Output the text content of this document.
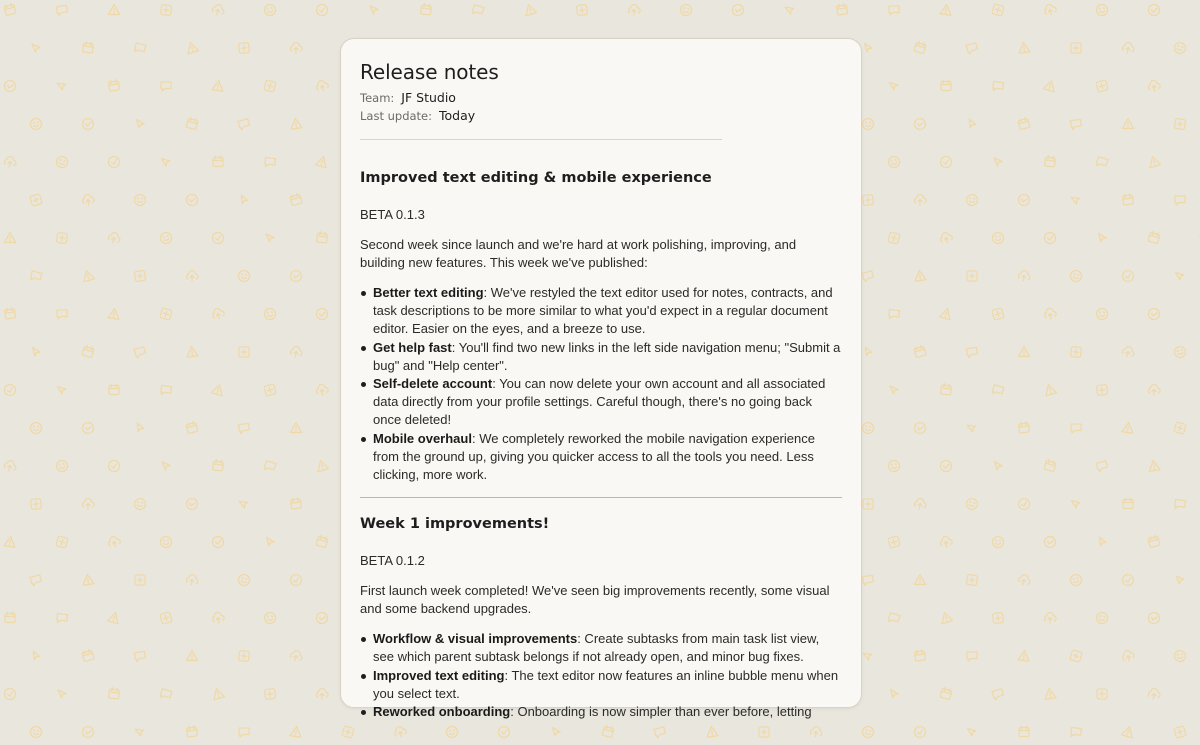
Release notes
Team: JF Studio
Last update: Today
Improved text editing & mobile experience
BETA 0.1.3
Second week since launch and we're hard at work polishing, improving, and building new features. This week we've published:
Better text editing: We've restyled the text editor used for notes, contracts, and task descriptions to be more similar to what you'd expect in a regular document editor. Easier on the eyes, and a breeze to use.
Get help fast: You'll find two new links in the left side navigation menu; "Submit a bug" and "Help center".
Self-delete account: You can now delete your own account and all associated data directly from your profile settings. Careful though, there's no going back once deleted!
Mobile overhaul: We completely reworked the mobile navigation experience from the ground up, giving you quicker access to all the tools you need. Less clicking, more work.
Week 1 improvements!
BETA 0.1.2
First launch week completed! We've seen big improvements recently, some visual and some backend upgrades.
Workflow & visual improvements: Create subtasks from main task list view, see which parent subtask belongs if not already open, and minor bug fixes.
Improved text editing: The text editor now features an inline bubble menu when you select text.
Reworked onboarding: Onboarding is now simpler than ever before, letting
